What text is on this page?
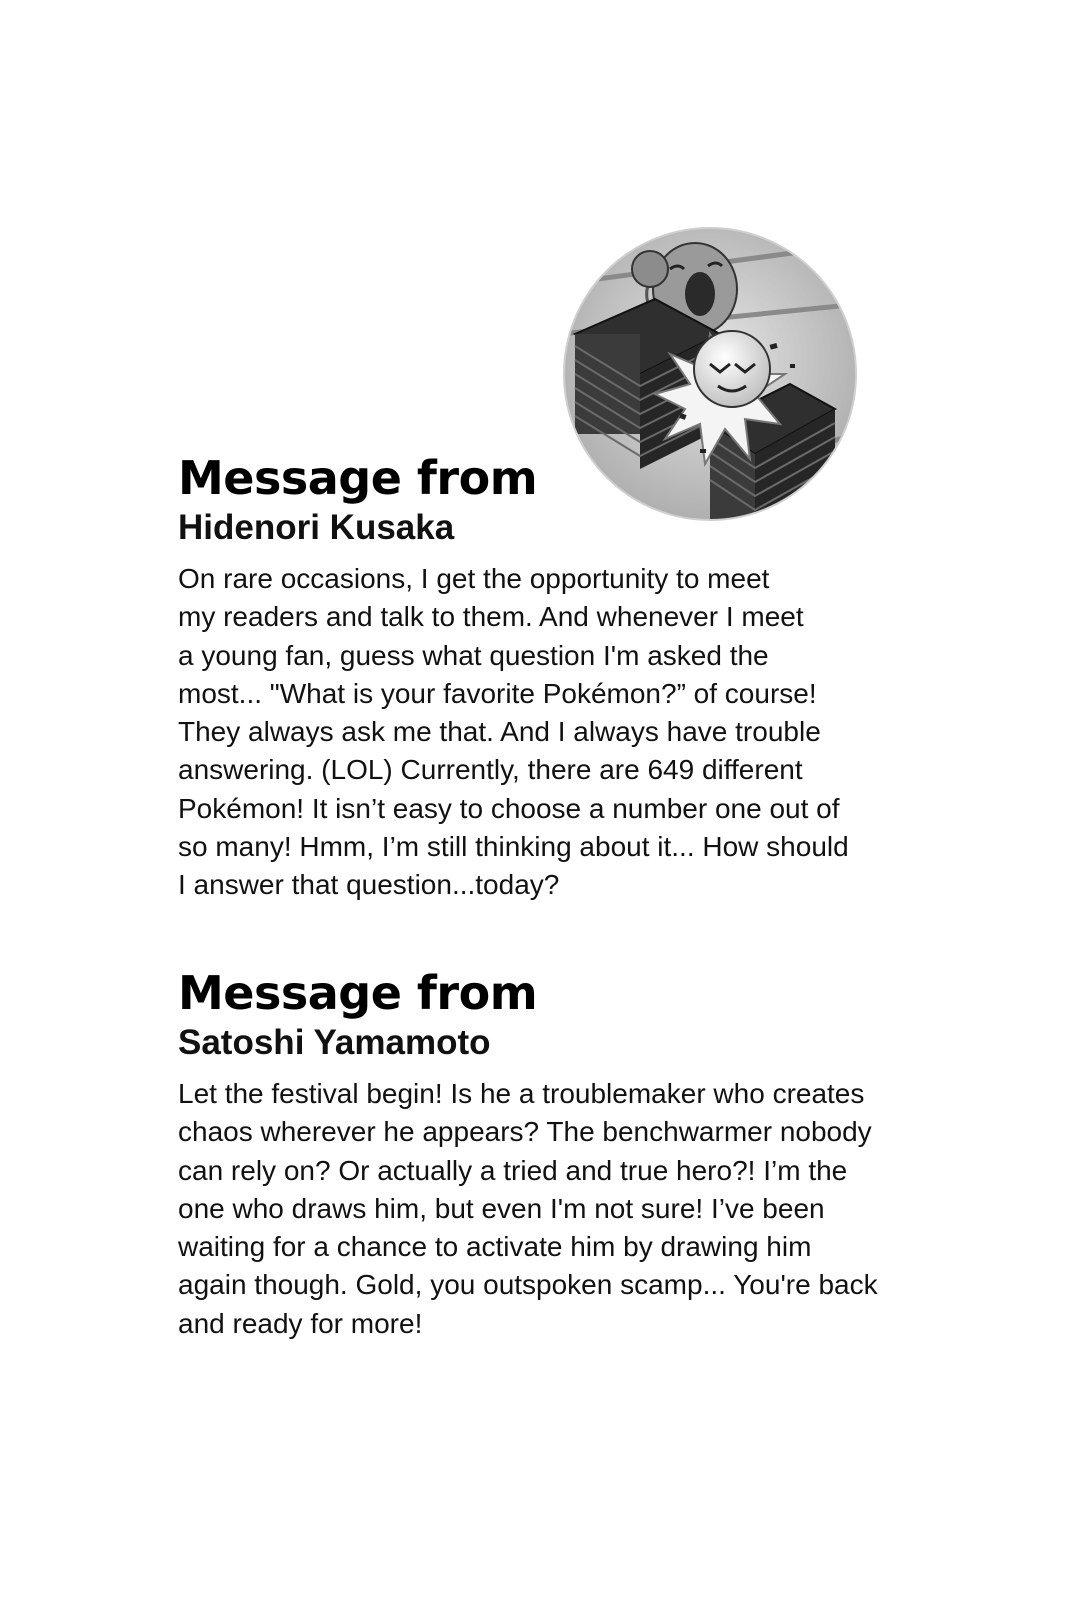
Message from
Hidenori Kusaka

On rare occasions, I get the opportunity to meet
my readers and talk to them. And whenever I meet
a young fan, guess what question I'm asked the
most... "What is your favorite Pokémon?” of course!
They always ask me that. And I always have trouble
answering. (LOL) Currently, there are 649 different
Pokémon! It isn’t easy to choose a number one out of
so many! Hmm, I’m still thinking about it... How should
I answer that question...today?

Message from
Satoshi Yamamoto

Let the festival begin! Is he a troublemaker who creates
chaos wherever he appears? The benchwarmer nobody
can rely on? Or actually a tried and true hero?! I’m the
one who draws him, but even I'm not sure! I’ve been
waiting for a chance to activate him by drawing him
again though. Gold, you outspoken scamp... You're back
and ready for more!
